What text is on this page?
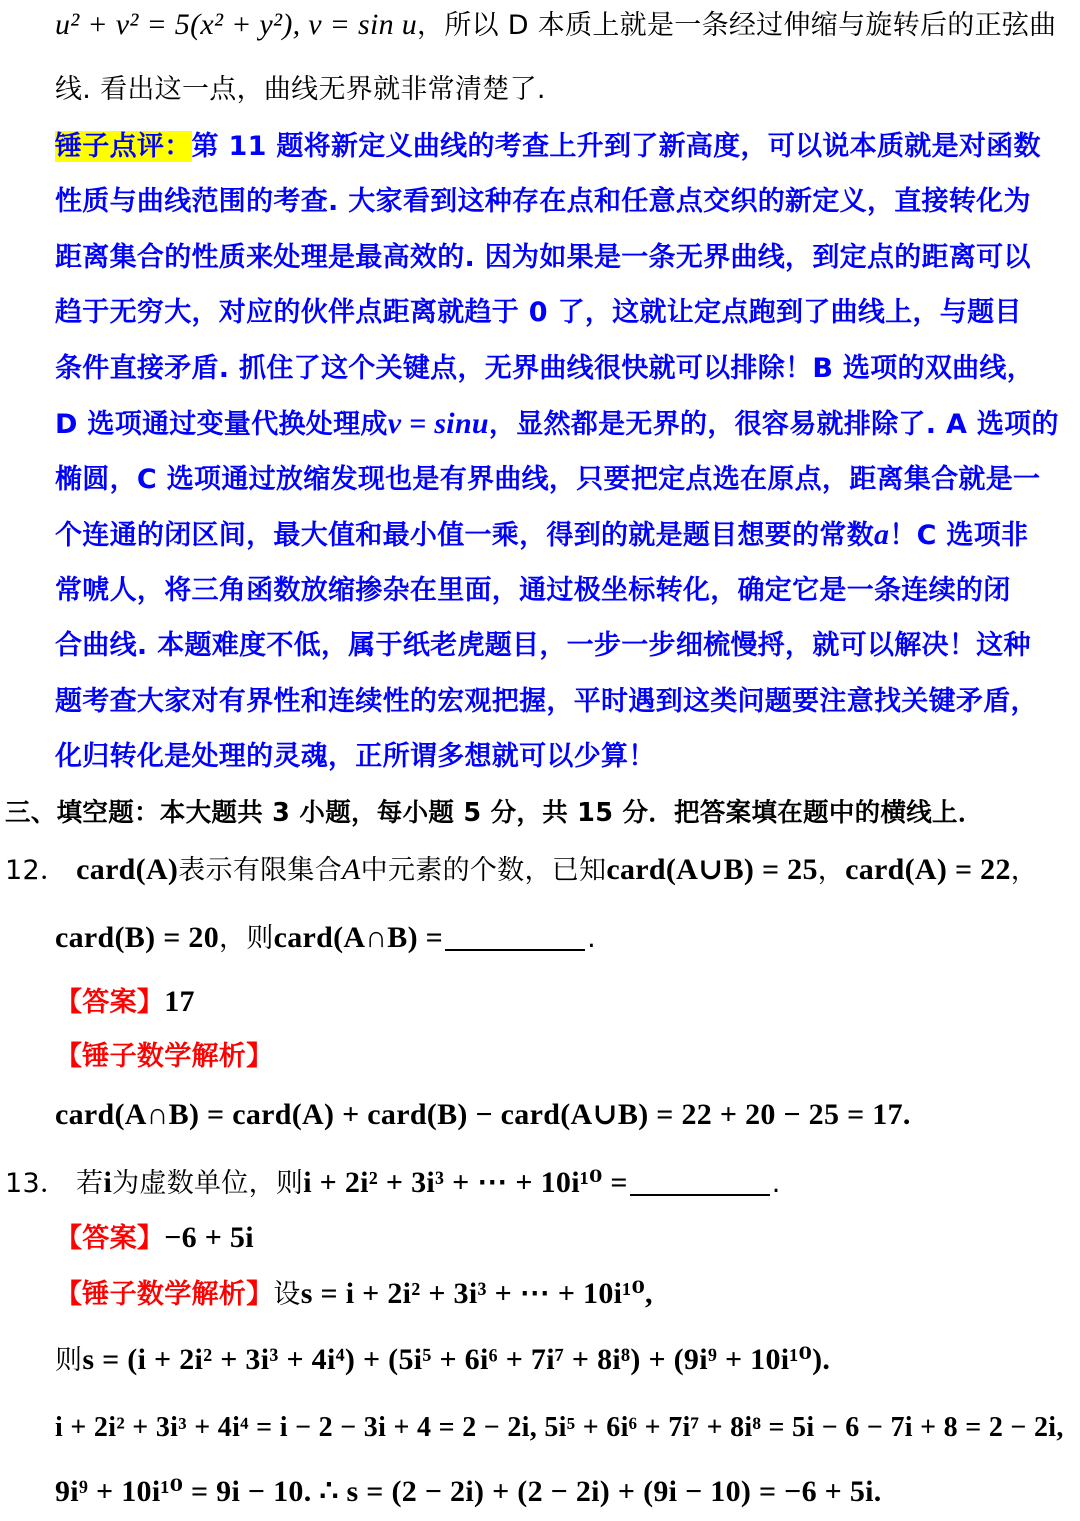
u² + v² = 5(x² + y²), v = sin u，所以 D 本质上就是一条经过伸缩与旋转后的正弦曲
线. 看出这一点，曲线无界就非常清楚了.
锤子点评：第 11 题将新定义曲线的考查上升到了新高度，可以说本质就是对函数
性质与曲线范围的考查. 大家看到这种存在点和任意点交织的新定义，直接转化为
距离集合的性质来处理是最高效的. 因为如果是一条无界曲线，到定点的距离可以
趋于无穷大，对应的伙伴点距离就趋于 0 了，这就让定点跑到了曲线上，与题目
条件直接矛盾. 抓住了这个关键点，无界曲线很快就可以排除！B 选项的双曲线，
D 选项通过变量代换处理成v = sinu，显然都是无界的，很容易就排除了. A 选项的
椭圆，C 选项通过放缩发现也是有界曲线，只要把定点选在原点，距离集合就是一
个连通的闭区间，最大值和最小值一乘，得到的就是题目想要的常数a！C 选项非
常唬人，将三角函数放缩掺杂在里面，通过极坐标转化，确定它是一条连续的闭
合曲线. 本题难度不低，属于纸老虎题目，一步一步细梳慢捋，就可以解决！这种
题考查大家对有界性和连续性的宏观把握，平时遇到这类问题要注意找关键矛盾，
化归转化是处理的灵魂，正所谓多想就可以少算！
三、填空题：本大题共 3 小题，每小题 5 分，共 15 分．把答案填在题中的横线上．
12． card(A)表示有限集合A中元素的个数，已知card(A∪B) = 25，card(A) = 22，
card(B) = 20，则card(A∩B) =	.
【答案】17
【锤子数学解析】
card(A∩B) = card(A) + card(B) − card(A∪B) = 22 + 20 − 25 = 17.
13． 若i为虚数单位，则i + 2i² + 3i³ + ⋯ + 10i¹⁰ =	.
【答案】−6 + 5i
【锤子数学解析】设s = i + 2i² + 3i³ + ⋯ + 10i¹⁰,
则s = (i + 2i² + 3i³ + 4i⁴) + (5i⁵ + 6i⁶ + 7i⁷ + 8i⁸) + (9i⁹ + 10i¹⁰).
i + 2i² + 3i³ + 4i⁴ = i − 2 − 3i + 4 = 2 − 2i, 5i⁵ + 6i⁶ + 7i⁷ + 8i⁸ = 5i − 6 − 7i + 8 = 2 − 2i,
9i⁹ + 10i¹⁰ = 9i − 10. ∴ s = (2 − 2i) + (2 − 2i) + (9i − 10) = −6 + 5i.
